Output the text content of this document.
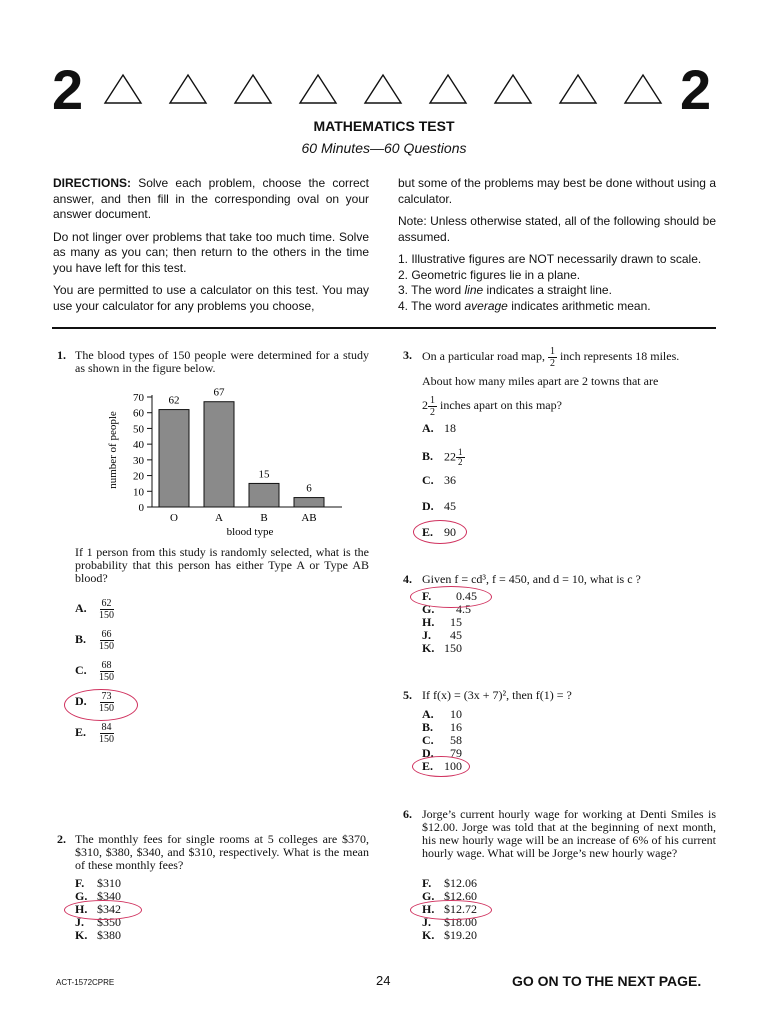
2	2
MATHEMATICS TEST
60 Minutes—60 Questions

DIRECTIONS: Solve each problem, choose the correct answer, and then fill in the corresponding oval on your answer document.

Do not linger over problems that take too much time. Solve as many as you can; then return to the others in the time you have left for this test.

You are permitted to use a calculator on this test. You may use your calculator for any problems you choose,

but some of the problems may best be done without using a calculator.

Note: Unless otherwise stated, all of the following should be assumed.

1. Illustrative figures are NOT necessarily drawn to scale.
2. Geometric figures lie in a plane.
3. The word line indicates a straight line.
4. The word average indicates arithmetic mean.
1. The blood types of 150 people were determined for a study as shown in the figure below.
number of people
blood type
0
10
20
30
40
50
60
70 62
O
67
A
15
B
6
AB
If 1 person from this study is randomly selected, what is the probability that this person has either Type A or Type AB blood?
A. $\frac{62}{150}$
B. $\frac{66}{150}$
C. $\frac{68}{150}$
D. $\frac{73}{150}$
E. $\frac{84}{150}$
2. The monthly fees for single rooms at 5 colleges are $370, $310, $380, $340, and $310, respectively. What is the mean of these monthly fees?
F. $310
G. $340
H. $342
J. $350
K. $380
3. On a particular road map, $\frac{1}{2}$ inch represents 18 miles.
About how many miles apart are 2 towns that are
$2 \frac{1}{2}$ inches apart on this map?
A. 18
B. $22 \frac{1}{2}$
C. 36
D. 45
E. 90
4. Given f = cd³, f = 450, and d = 10, what is c ?
F. 0.45
G. 4.5
H. 15
J. 45
K. 150
5. If f(x) = (3x + 7)², then f(1) = ?
A. 10
B. 16
C. 58
D. 79
E. 100
6. Jorge’s current hourly wage for working at Denti Smiles is $12.00. Jorge was told that at the beginning of next month, his new hourly wage will be an increase of 6% of his current hourly wage. What will be Jorge’s new hourly wage?
F. $12.06
G. $12.60
H. $12.72
J. $18.00
K. $19.20
ACT-1572CPRE	24	GO ON TO THE NEXT PAGE.
